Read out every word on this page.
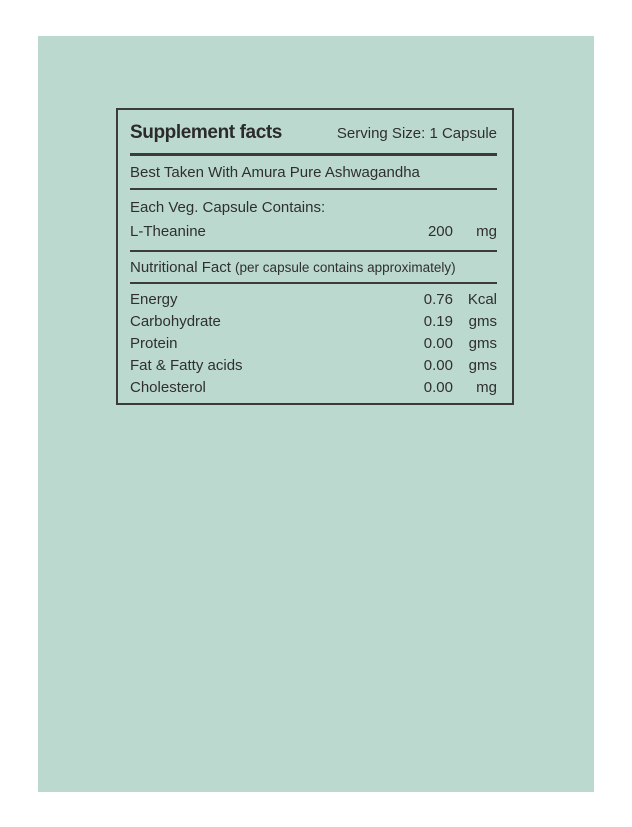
Supplement facts	Serving Size: 1 Capsule
Best Taken With Amura Pure Ashwagandha
Each Veg. Capsule Contains:
L-Theanine	200 mg
Nutritional Fact (per capsule contains approximately)
Energy	0.76 Kcal
Carbohydrate	0.19 gms
Protein	0.00 gms
Fat & Fatty acids	0.00 gms
Cholesterol	0.00 mg
